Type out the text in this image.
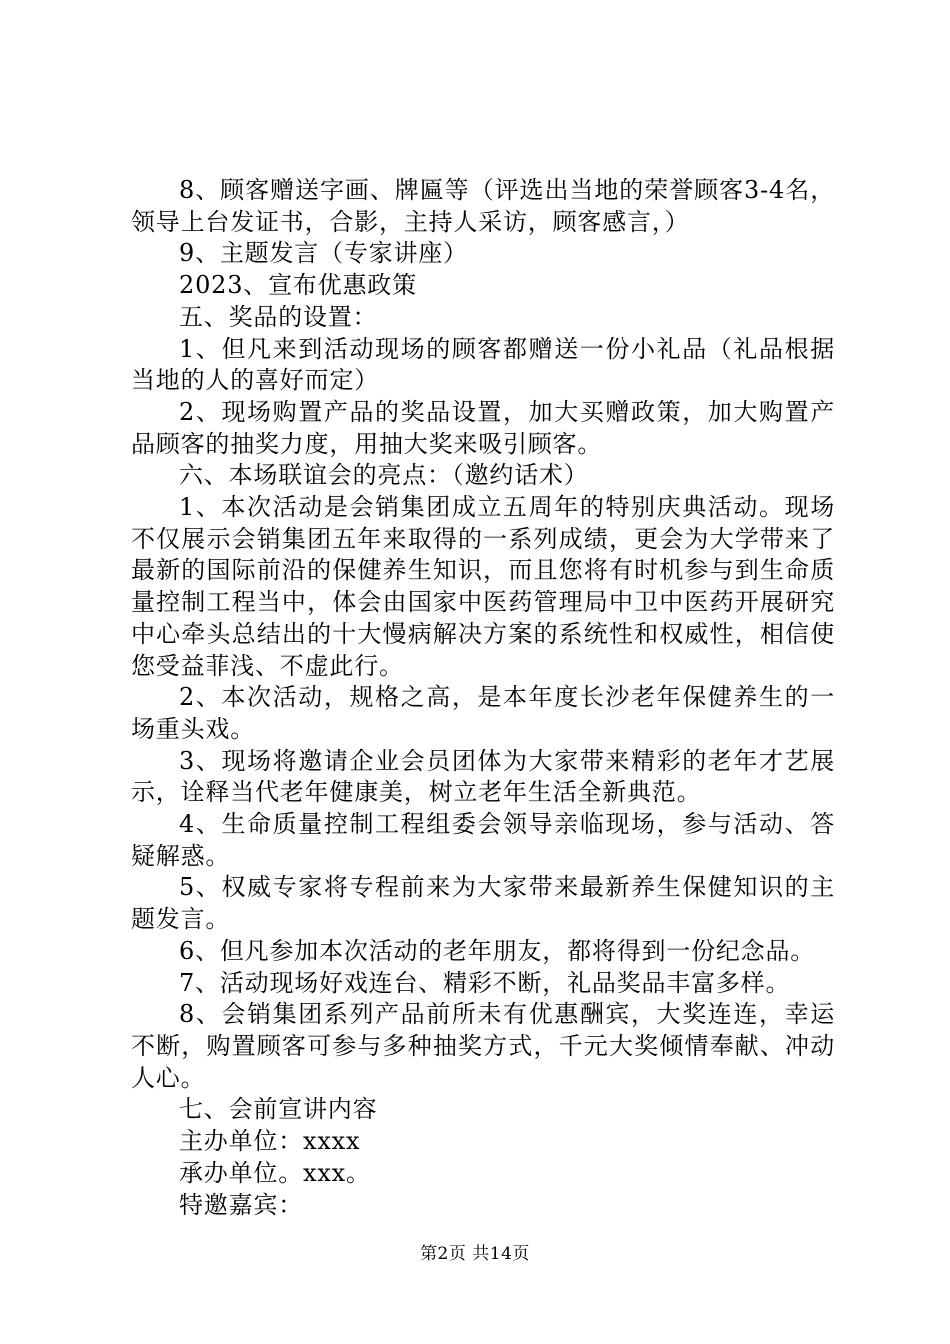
8、顾客赠送字画、牌匾等（评选出当地的荣誉顾客3-4名，领导上台发证书，合影，主持人采访，顾客感言，）

9、主题发言（专家讲座）

2023、宣布优惠政策

五、奖品的设置：

1、但凡来到活动现场的顾客都赠送一份小礼品（礼品根据当地的人的喜好而定）

2、现场购置产品的奖品设置，加大买赠政策，加大购置产品顾客的抽奖力度，用抽大奖来吸引顾客。

六、本场联谊会的亮点：（邀约话术）

1、本次活动是会销集团成立五周年的特别庆典活动。现场不仅展示会销集团五年来取得的一系列成绩，更会为大学带来了最新的国际前沿的保健养生知识，而且您将有时机参与到生命质量控制工程当中，体会由国家中医药管理局中卫中医药开展研究中心牵头总结出的十大慢病解决方案的系统性和权威性，相信使您受益菲浅、不虚此行。

2、本次活动，规格之高，是本年度长沙老年保健养生的一场重头戏。

3、现场将邀请企业会员团体为大家带来精彩的老年才艺展示，诠释当代老年健康美，树立老年生活全新典范。

4、生命质量控制工程组委会领导亲临现场，参与活动、答疑解惑。

5、权威专家将专程前来为大家带来最新养生保健知识的主题发言。

6、但凡参加本次活动的老年朋友，都将得到一份纪念品。

7、活动现场好戏连台、精彩不断，礼品奖品丰富多样。

8、会销集团系列产品前所未有优惠酬宾，大奖连连，幸运不断，购置顾客可参与多种抽奖方式，千元大奖倾情奉献、冲动人心。

七、会前宣讲内容

主办单位：xxxx

承办单位。xxx。

特邀嘉宾：

第2页 共14页
